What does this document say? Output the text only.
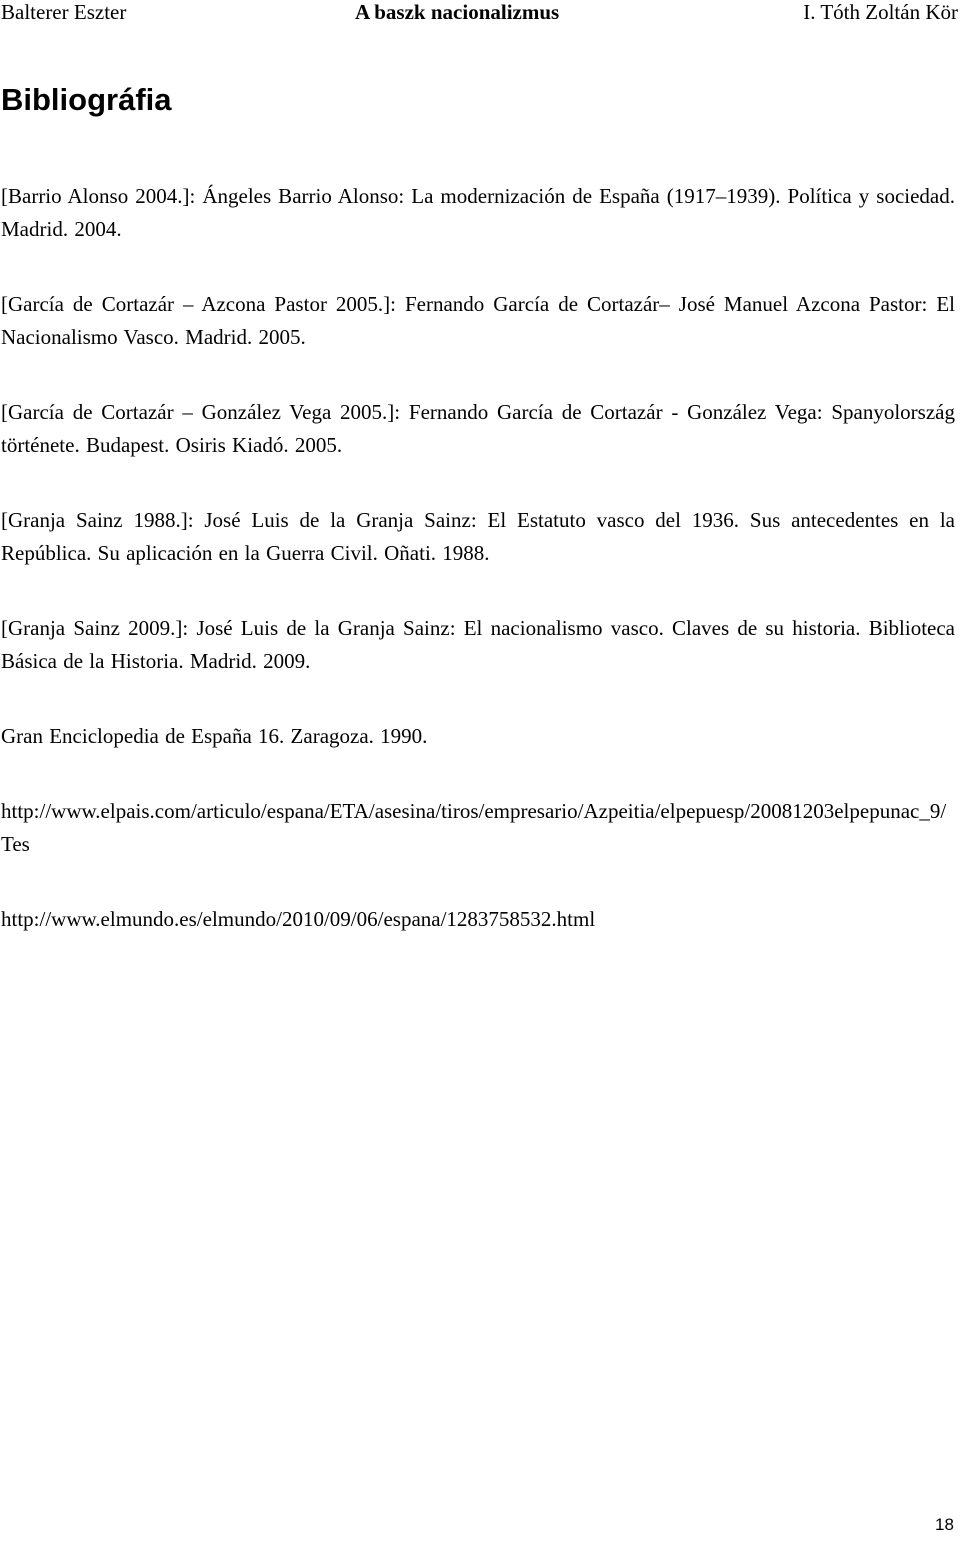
Balterer Eszter	A baszk nacionalizmus	I. Tóth Zoltán Kör
Bibliográfia

[Barrio Alonso 2004.]: Ángeles Barrio Alonso: La modernización de España (1917–1939). Política y sociedad. Madrid. 2004.

[García de Cortazár – Azcona Pastor 2005.]: Fernando García de Cortazár– José Manuel Azcona Pastor: El Nacionalismo Vasco. Madrid. 2005.

[García de Cortazár – González Vega 2005.]: Fernando García de Cortazár - González Vega: Spanyolország története. Budapest. Osiris Kiadó. 2005.

[Granja Sainz 1988.]: José Luis de la Granja Sainz: El Estatuto vasco del 1936. Sus antecedentes en la República. Su aplicación en la Guerra Civil. Oñati. 1988.

[Granja Sainz 2009.]: José Luis de la Granja Sainz: El nacionalismo vasco. Claves de su historia. Biblioteca Básica de la Historia. Madrid. 2009.

Gran Enciclopedia de España 16. Zaragoza. 1990.

http://www.elpais.com/articulo/espana/ETA/asesina/tiros/empresario/Azpeitia/elpepuesp/20081203elpepunac_9/Tes

http://www.elmundo.es/elmundo/2010/09/06/espana/1283758532.html

18
